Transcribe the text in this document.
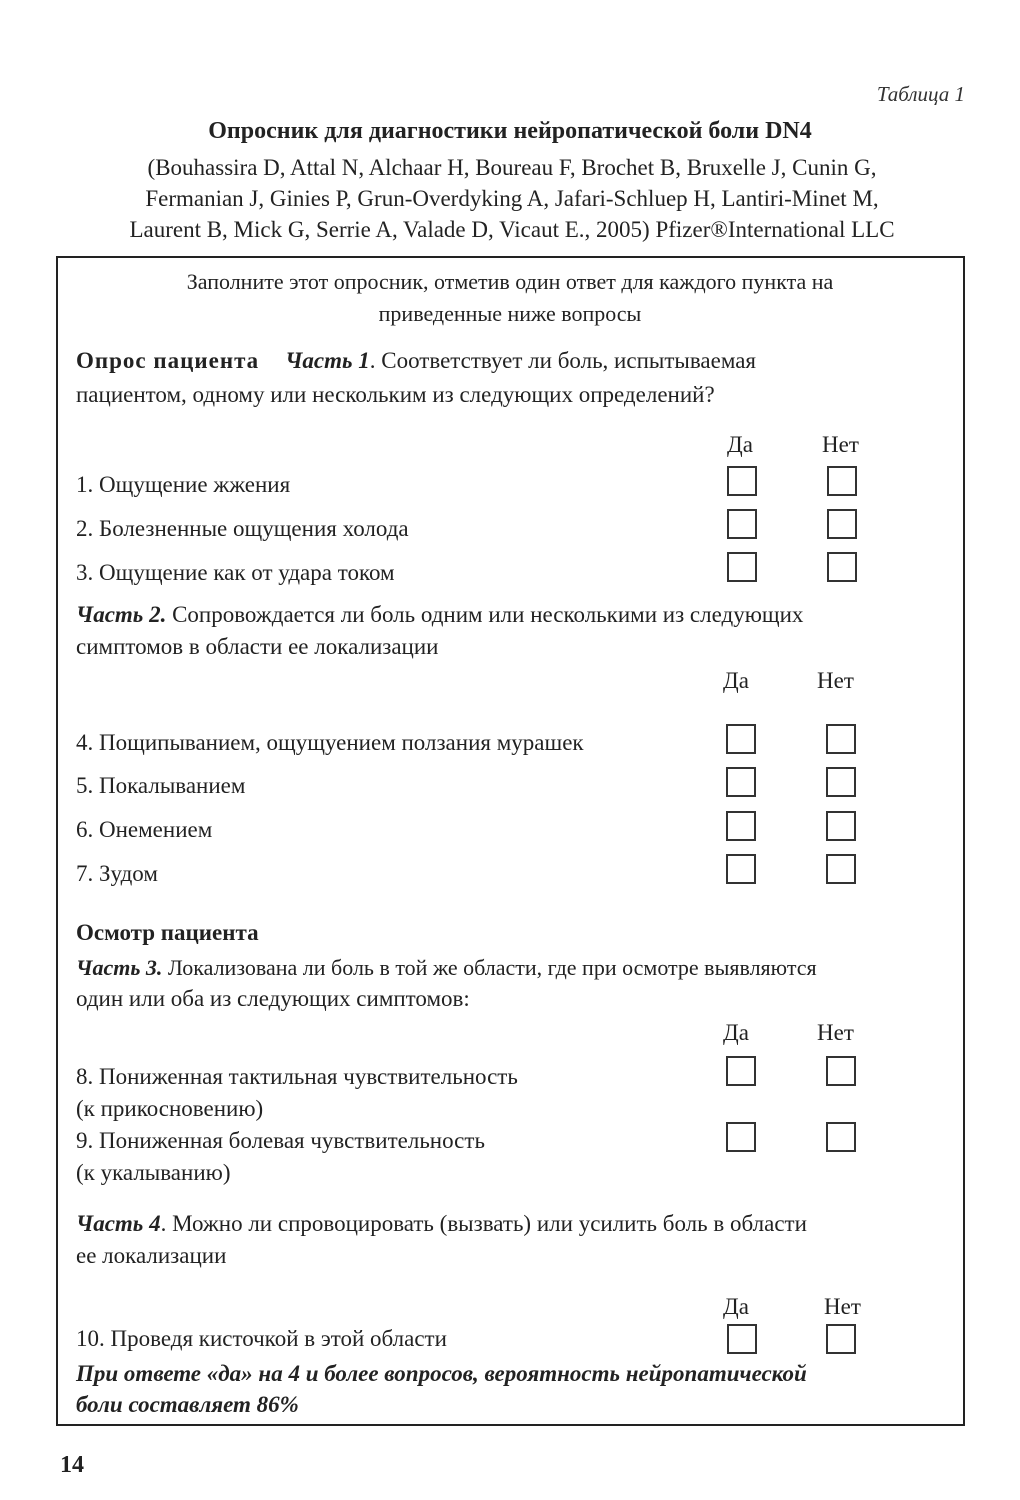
Таблица 1
Опросник для диагностики нейропатической боли DN4
(Bouhassira D, Attal N, Alchaar H, Boureau F, Brochet B, Bruxelle J, Cunin G,
Fermanian J, Ginies P, Grun-Overdyking A, Jafari-Schluep H, Lantiri-Minet M,
Laurent B, Mick G, Serrie A, Valade D, Vicaut E., 2005) Pfizer®International LLC
Заполните этот опросник, отметив один ответ для каждого пункта на
приведенные ниже вопросы
Опрос пациента Часть 1. Соответствует ли боль, испытываемая
пациентом, одному или нескольким из следующих определений?
Да	Нет
1. Ощущение жжения
2. Болезненные ощущения холода
3. Ощущение как от удара током
Часть 2. Сопровождается ли боль одним или несколькими из следующих
симптомов в области ее локализации
Да	Нет
4. Пощипыванием, ощущуением ползания мурашек
5. Покалыванием
6. Онемением
7. Зудом
Осмотр пациента
Часть 3. Локализована ли боль в той же области, где при осмотре выявляются
один или оба из следующих симптомов:
Да	Нет
8. Пониженная тактильная чувствительность
(к прикосновению)
9. Пониженная болевая чувствительность
(к укалыванию)
Часть 4. Можно ли спровоцировать (вызвать) или усилить боль в области
ее локализации
Да	Нет
10. Проведя кисточкой в этой области
При ответе «да» на 4 и более вопросов, вероятность нейропатической
боли составляет 86%
14
